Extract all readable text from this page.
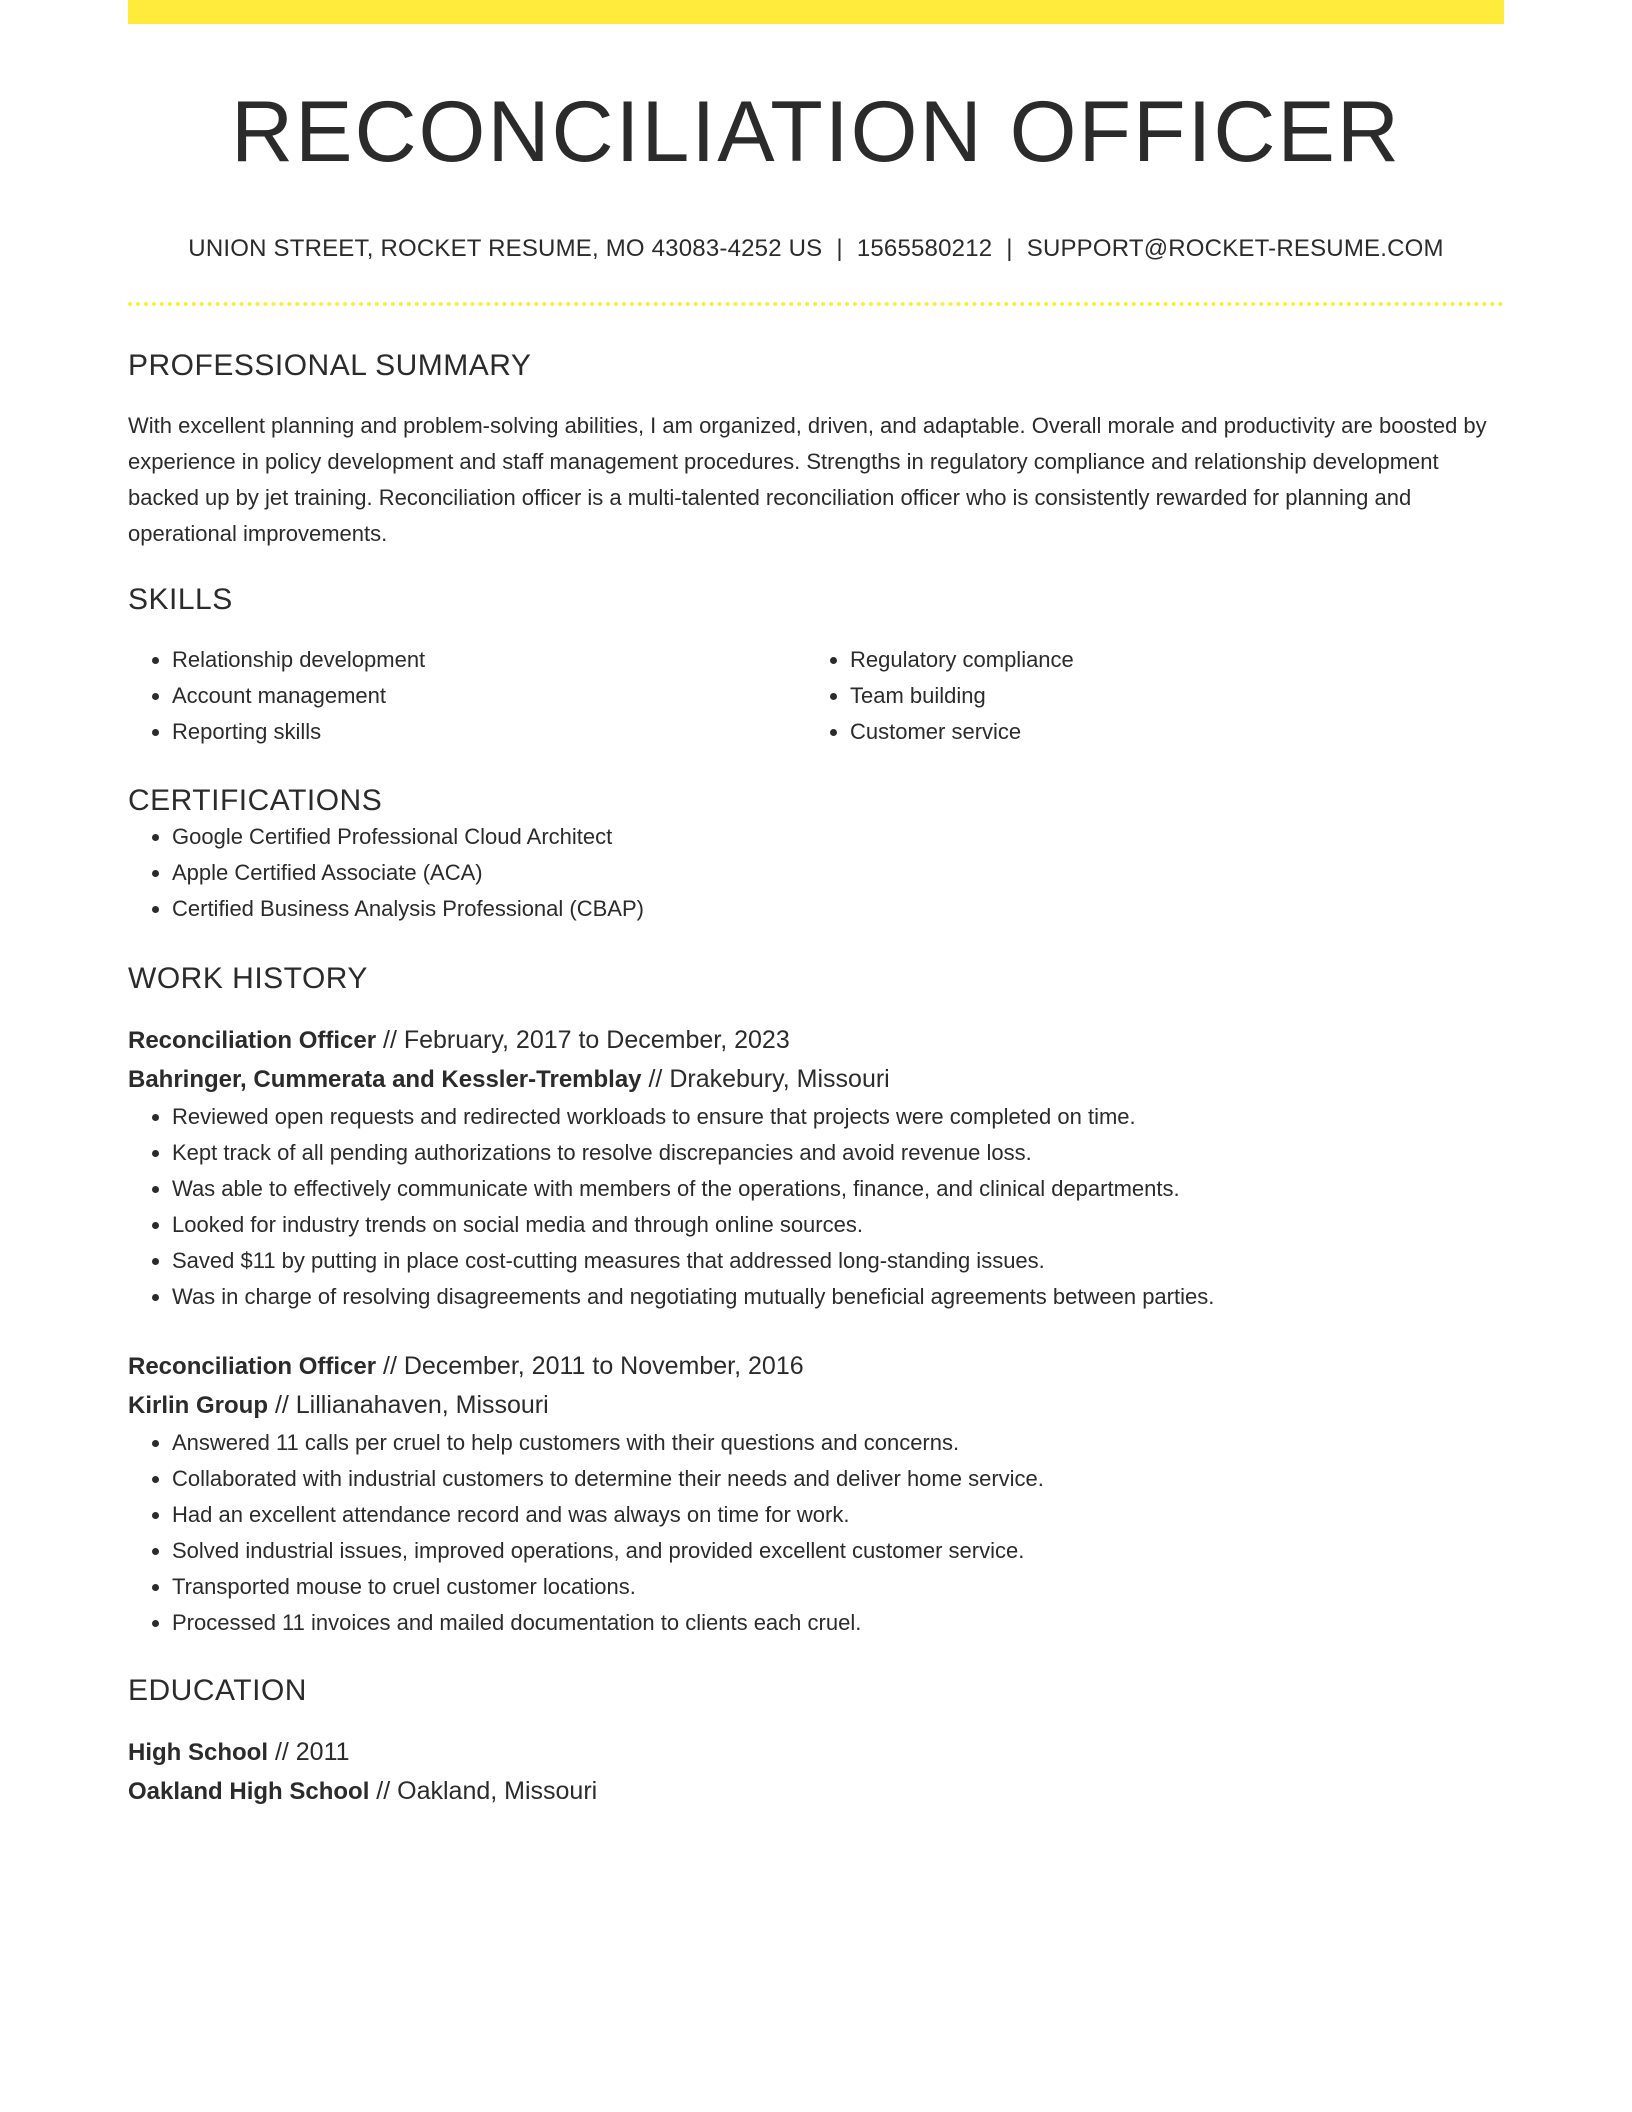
RECONCILIATION OFFICER
UNION STREET, ROCKET RESUME, MO 43083-4252 US | 1565580212 | SUPPORT@ROCKET-RESUME.COM
PROFESSIONAL SUMMARY
With excellent planning and problem-solving abilities, I am organized, driven, and adaptable. Overall morale and productivity are boosted by experience in policy development and staff management procedures. Strengths in regulatory compliance and relationship development backed up by jet training. Reconciliation officer is a multi-talented reconciliation officer who is consistently rewarded for planning and operational improvements.
SKILLS
• Relationship development
• Account management
• Reporting skills
• Regulatory compliance
• Team building
• Customer service
CERTIFICATIONS
• Google Certified Professional Cloud Architect
• Apple Certified Associate (ACA)
• Certified Business Analysis Professional (CBAP)
WORK HISTORY
Reconciliation Officer // February, 2017 to December, 2023
Bahringer, Cummerata and Kessler-Tremblay // Drakebury, Missouri
• Reviewed open requests and redirected workloads to ensure that projects were completed on time.
• Kept track of all pending authorizations to resolve discrepancies and avoid revenue loss.
• Was able to effectively communicate with members of the operations, finance, and clinical departments.
• Looked for industry trends on social media and through online sources.
• Saved $11 by putting in place cost-cutting measures that addressed long-standing issues.
• Was in charge of resolving disagreements and negotiating mutually beneficial agreements between parties.
Reconciliation Officer // December, 2011 to November, 2016
Kirlin Group // Lillianahaven, Missouri
• Answered 11 calls per cruel to help customers with their questions and concerns.
• Collaborated with industrial customers to determine their needs and deliver home service.
• Had an excellent attendance record and was always on time for work.
• Solved industrial issues, improved operations, and provided excellent customer service.
• Transported mouse to cruel customer locations.
• Processed 11 invoices and mailed documentation to clients each cruel.
EDUCATION
High School // 2011
Oakland High School // Oakland, Missouri
